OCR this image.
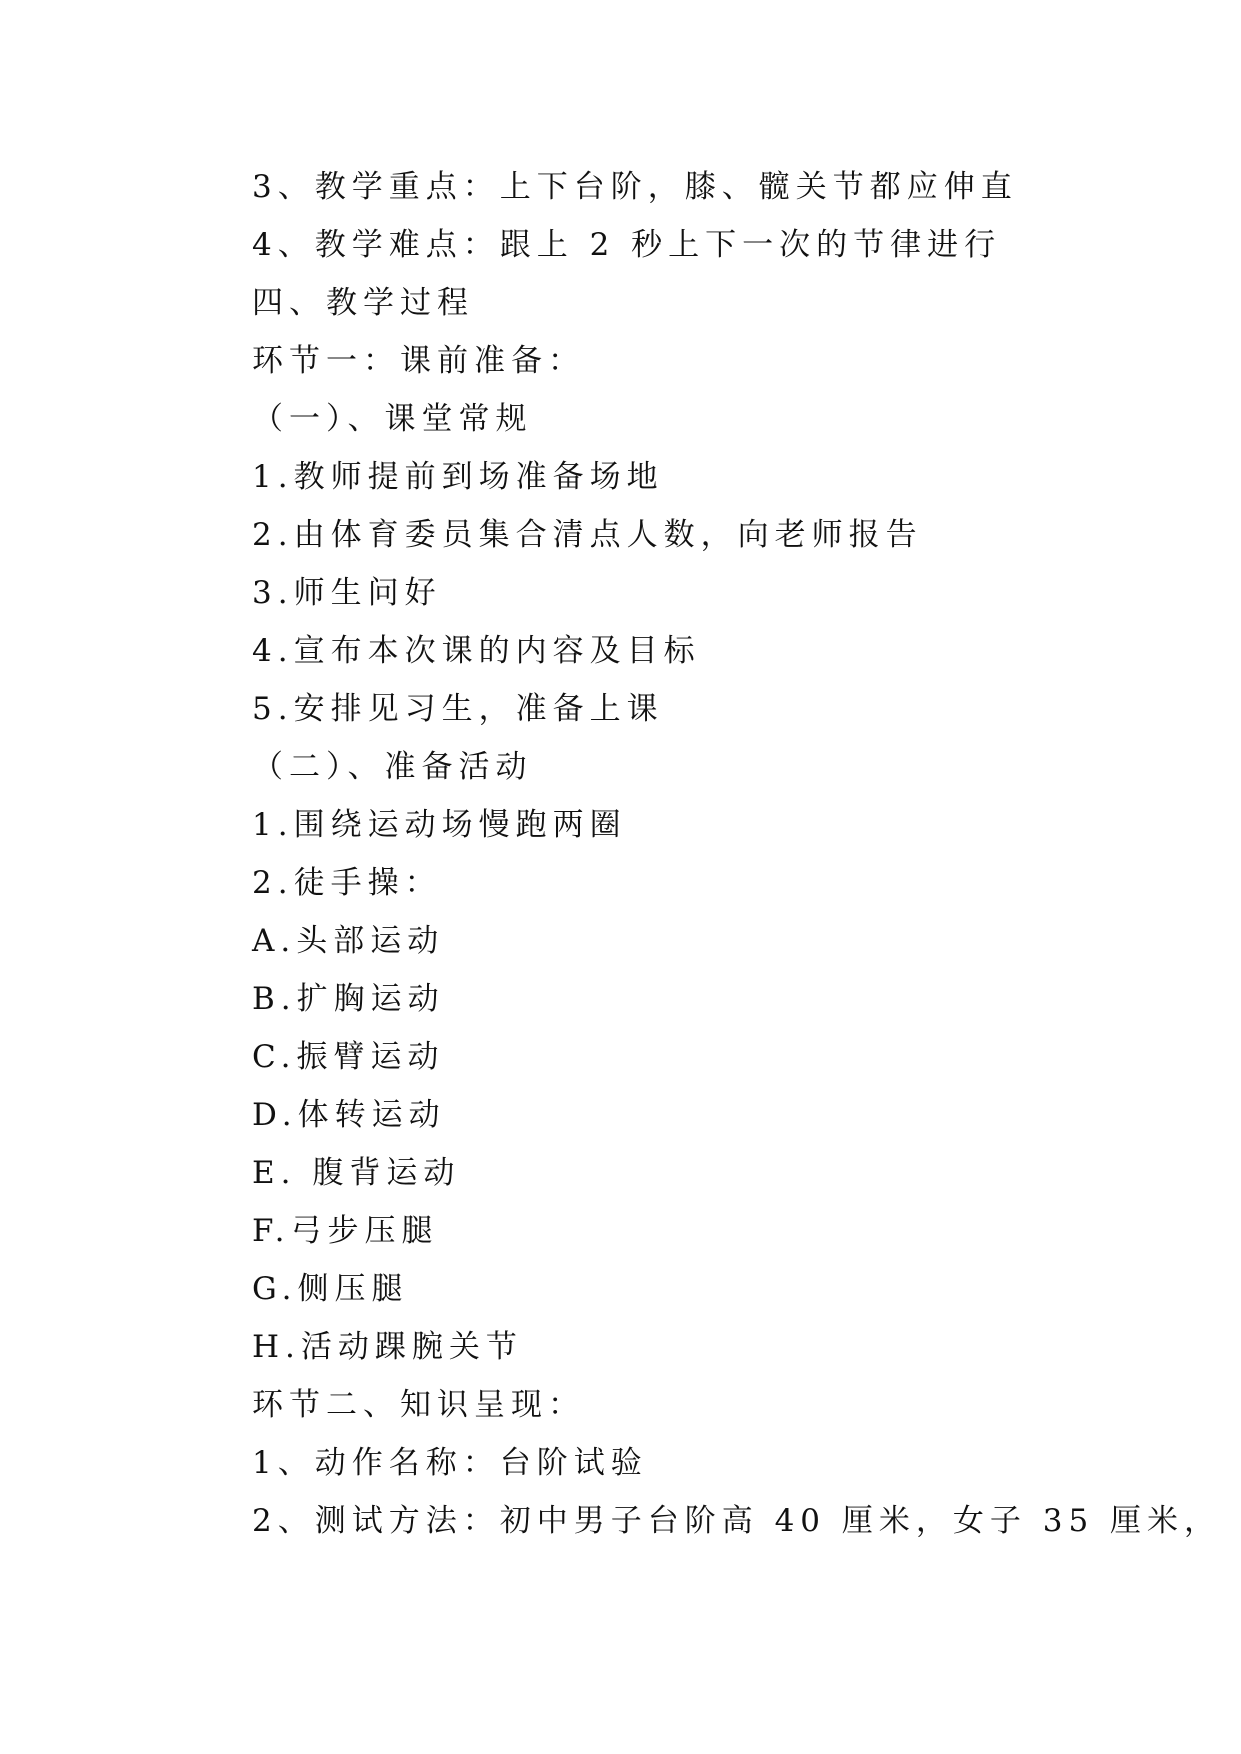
3、教学重点：上下台阶，膝、髋关节都应伸直

4、教学难点：跟上 2 秒上下一次的节律进行

四、教学过程

环节一：课前准备：

（一）、课堂常规

1.教师提前到场准备场地

2.由体育委员集合清点人数，向老师报告

3.师生问好

4.宣布本次课的内容及目标

5.安排见习生，准备上课

（二）、准备活动

1.围绕运动场慢跑两圈

2.徒手操：

A.头部运动

B.扩胸运动

C.振臂运动

D.体转运动

E. 腹背运动

F.弓步压腿

G.侧压腿

H.活动踝腕关节

环节二、知识呈现：

1、动作名称：台阶试验

2、测试方法：初中男子台阶高 40 厘米，女子 35 厘米，
